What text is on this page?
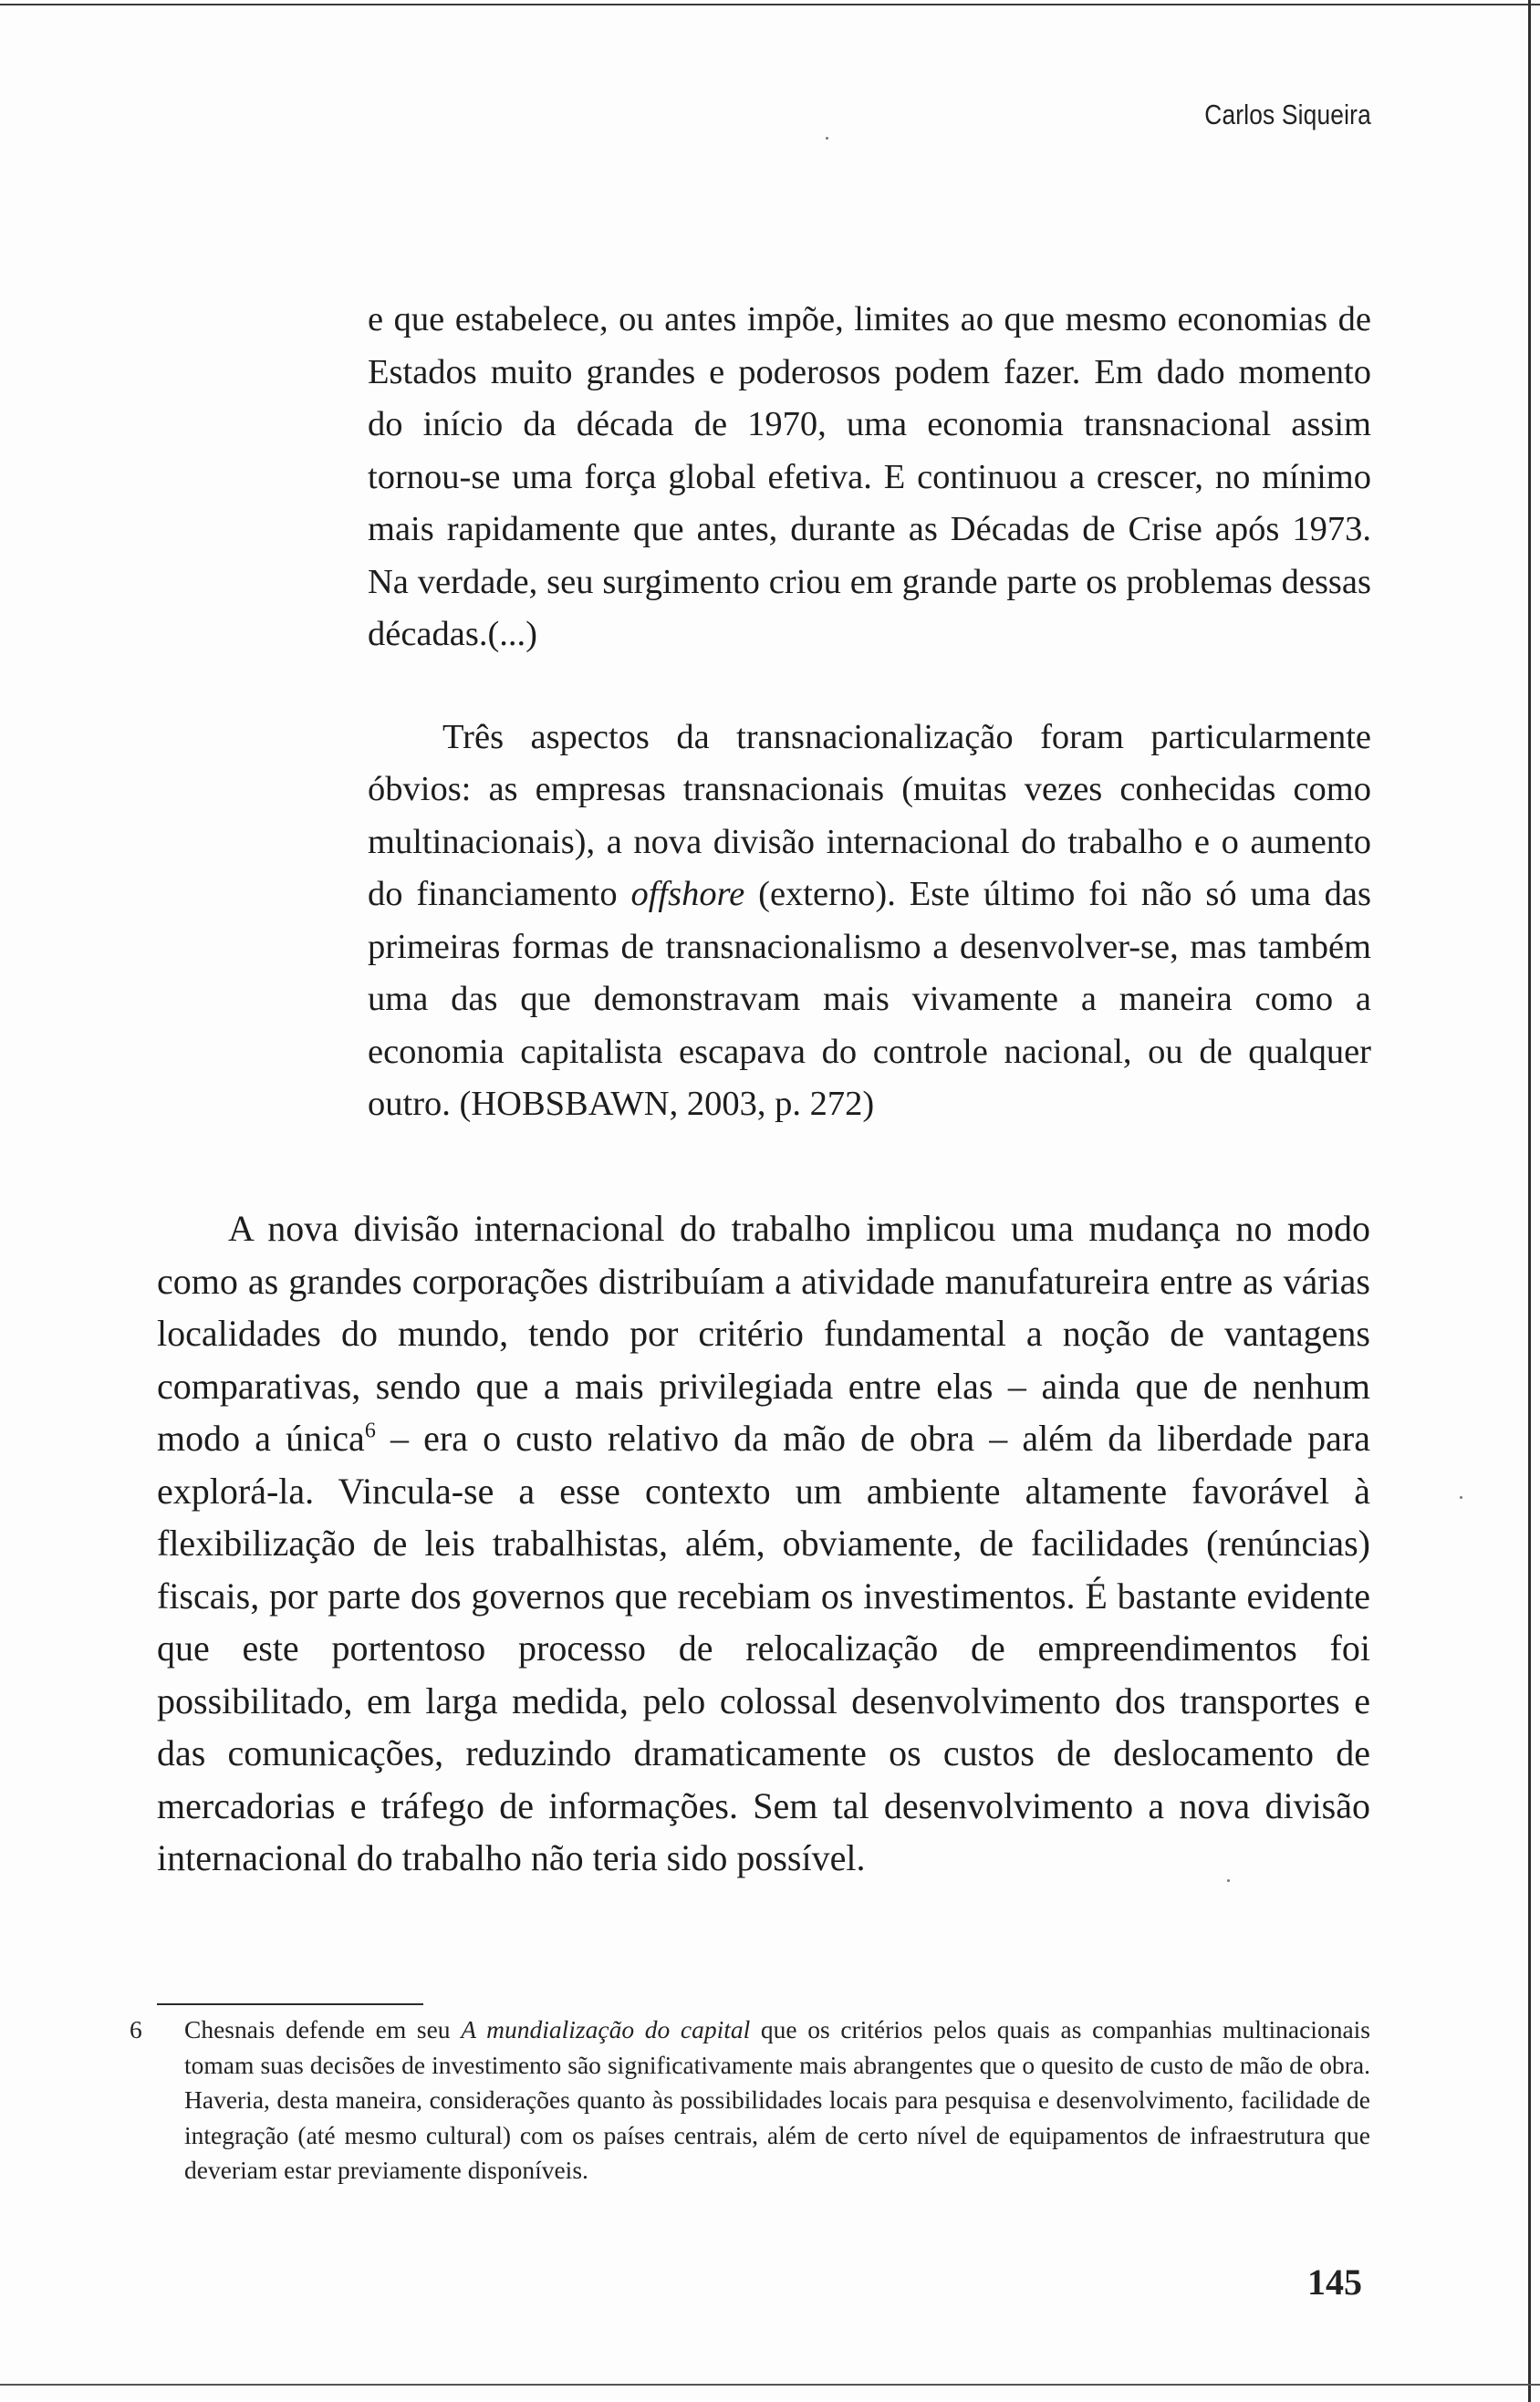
Carlos Siqueira

e que estabelece, ou antes impõe, limites ao que mesmo economias de Estados muito grandes e poderosos podem fazer. Em dado momento do início da década de 1970, uma economia transnacional assim tornou-se uma força global efetiva. E continuou a crescer, no mínimo mais rapidamente que antes, durante as Décadas de Crise após 1973. Na verdade, seu surgimento criou em grande parte os problemas dessas décadas.(...)

Três aspectos da transnacionalização foram particularmente óbvios: as empresas transnacionais (muitas vezes conhecidas como multinacionais), a nova divisão internacional do trabalho e o aumento do financiamento offshore (externo). Este último foi não só uma das primeiras formas de transnacionalismo a desenvolver-se, mas também uma das que demonstravam mais vivamente a maneira como a economia capitalista escapava do controle nacional, ou de qualquer outro. (HOBSBAWN, 2003, p. 272)

A nova divisão internacional do trabalho implicou uma mudança no modo como as grandes corporações distribuíam a atividade manufatureira entre as várias localidades do mundo, tendo por critério fundamental a noção de vantagens comparativas, sendo que a mais privilegiada entre elas – ainda que de nenhum modo a única$^6$ – era o custo relativo da mão de obra – além da liberdade para explorá-la. Vincula-se a esse contexto um ambiente altamente favorável à flexibilização de leis trabalhistas, além, obviamente, de facilidades (renúncias) fiscais, por parte dos governos que recebiam os investimentos. É bastante evidente que este portentoso processo de relocalização de empreendimentos foi possibilitado, em larga medida, pelo colossal desenvolvimento dos transportes e das comunicações, reduzindo dramaticamente os custos de deslocamento de mercadorias e tráfego de informações. Sem tal desenvolvimento a nova divisão internacional do trabalho não teria sido possível.

6 Chesnais defende em seu A mundialização do capital que os critérios pelos quais as companhias multinacionais tomam suas decisões de investimento são significativamente mais abrangentes que o quesito de custo de mão de obra. Haveria, desta maneira, considerações quanto às possibilidades locais para pesquisa e desenvolvimento, facilidade de integração (até mesmo cultural) com os países centrais, além de certo nível de equipamentos de infraestrutura que deveriam estar previamente disponíveis.
145
